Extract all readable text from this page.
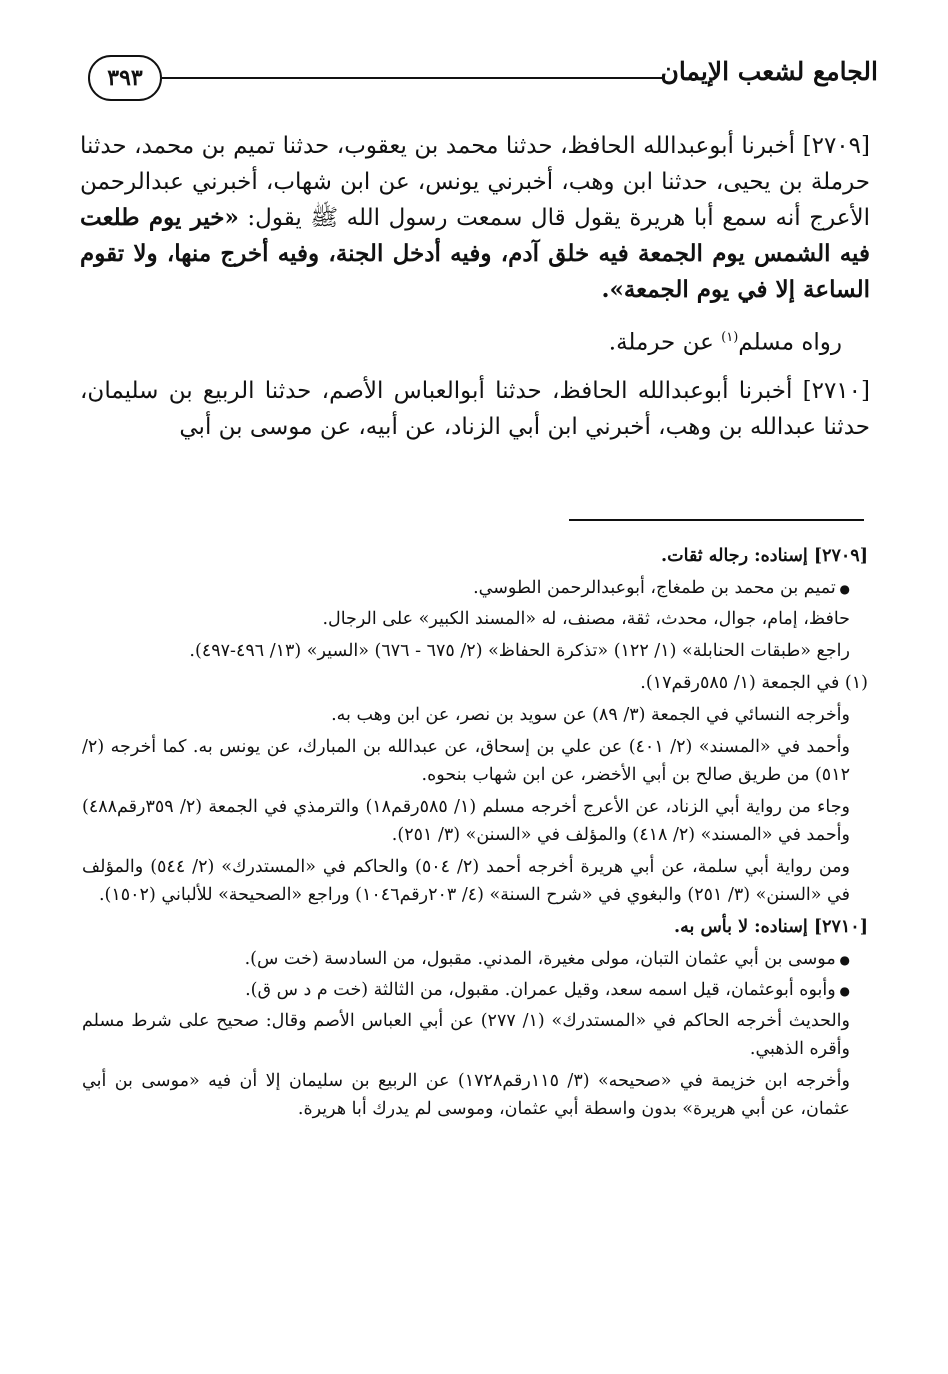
٣٩٣	الجامع لشعب الإيمان

[٢٧٠٩] أخبرنا أبوعبدالله الحافظ، حدثنا محمد بن يعقوب، حدثنا تميم بن محمد، حدثنا حرملة بن يحيى، حدثنا ابن وهب، أخبرني يونس، عن ابن شهاب، أخبرني عبدالرحمن الأعرج أنه سمع أبا هريرة يقول قال سمعت رسول الله ﷺ يقول: «خير يوم طلعت فيه الشمس يوم الجمعة فيه خلق آدم، وفيه أدخل الجنة، وفيه أخرج منها، ولا تقوم الساعة إلا في يوم الجمعة».

رواه مسلم$^{(١)}$ عن حرملة.

[٢٧١٠] أخبرنا أبوعبدالله الحافظ، حدثنا أبوالعباس الأصم، حدثنا الربيع بن سليمان، حدثنا عبدالله بن وهب، أخبرني ابن أبي الزناد، عن أبيه، عن موسى بن أبي

[٢٧٠٩] إسناده: رجاله ثقات.

● تميم بن محمد بن طمغاج، أبوعبدالرحمن الطوسي.

حافظ، إمام، جوال، محدث، ثقة، مصنف، له «المسند الكبير» على الرجال.

راجع «طبقات الحنابلة» (١/ ١٢٢) «تذكرة الحفاظ» (٢/ ٦٧٥ - ٦٧٦) «السير» (١٣/ ٤٩٦-٤٩٧).

(١) في الجمعة (١/ ٥٨٥رقم١٧).

وأخرجه النسائي في الجمعة (٣/ ٨٩) عن سويد بن نصر، عن ابن وهب به.

وأحمد في «المسند» (٢/ ٤٠١) عن علي بن إسحاق، عن عبدالله بن المبارك، عن يونس به. كما أخرجه (٢/ ٥١٢) من طريق صالح بن أبي الأخضر، عن ابن شهاب بنحوه.

وجاء من رواية أبي الزناد، عن الأعرج أخرجه مسلم (١/ ٥٨٥رقم١٨) والترمذي في الجمعة (٢/ ٣٥٩رقم٤٨٨) وأحمد في «المسند» (٢/ ٤١٨) والمؤلف في «السنن» (٣/ ٢٥١).

ومن رواية أبي سلمة، عن أبي هريرة أخرجه أحمد (٢/ ٥٠٤) والحاكم في «المستدرك» (٢/ ٥٤٤) والمؤلف في «السنن» (٣/ ٢٥١) والبغوي في «شرح السنة» (٤/ ٢٠٣رقم١٠٤٦) وراجع «الصحيحة» للألباني (١٥٠٢).

[٢٧١٠] إسناده: لا بأس به.

● موسى بن أبي عثمان التبان، مولى مغيرة، المدني. مقبول، من السادسة (خت س).

● وأبوه أبوعثمان، قيل اسمه سعد، وقيل عمران. مقبول، من الثالثة (خت م د س ق).

والحديث أخرجه الحاكم في «المستدرك» (١/ ٢٧٧) عن أبي العباس الأصم وقال: صحيح على شرط مسلم وأقره الذهبي.

وأخرجه ابن خزيمة في «صحيحه» (٣/ ١١٥رقم١٧٢٨) عن الربيع بن سليمان إلا أن فيه «موسى بن أبي عثمان، عن أبي هريرة» بدون واسطة أبي عثمان، وموسى لم يدرك أبا هريرة.
